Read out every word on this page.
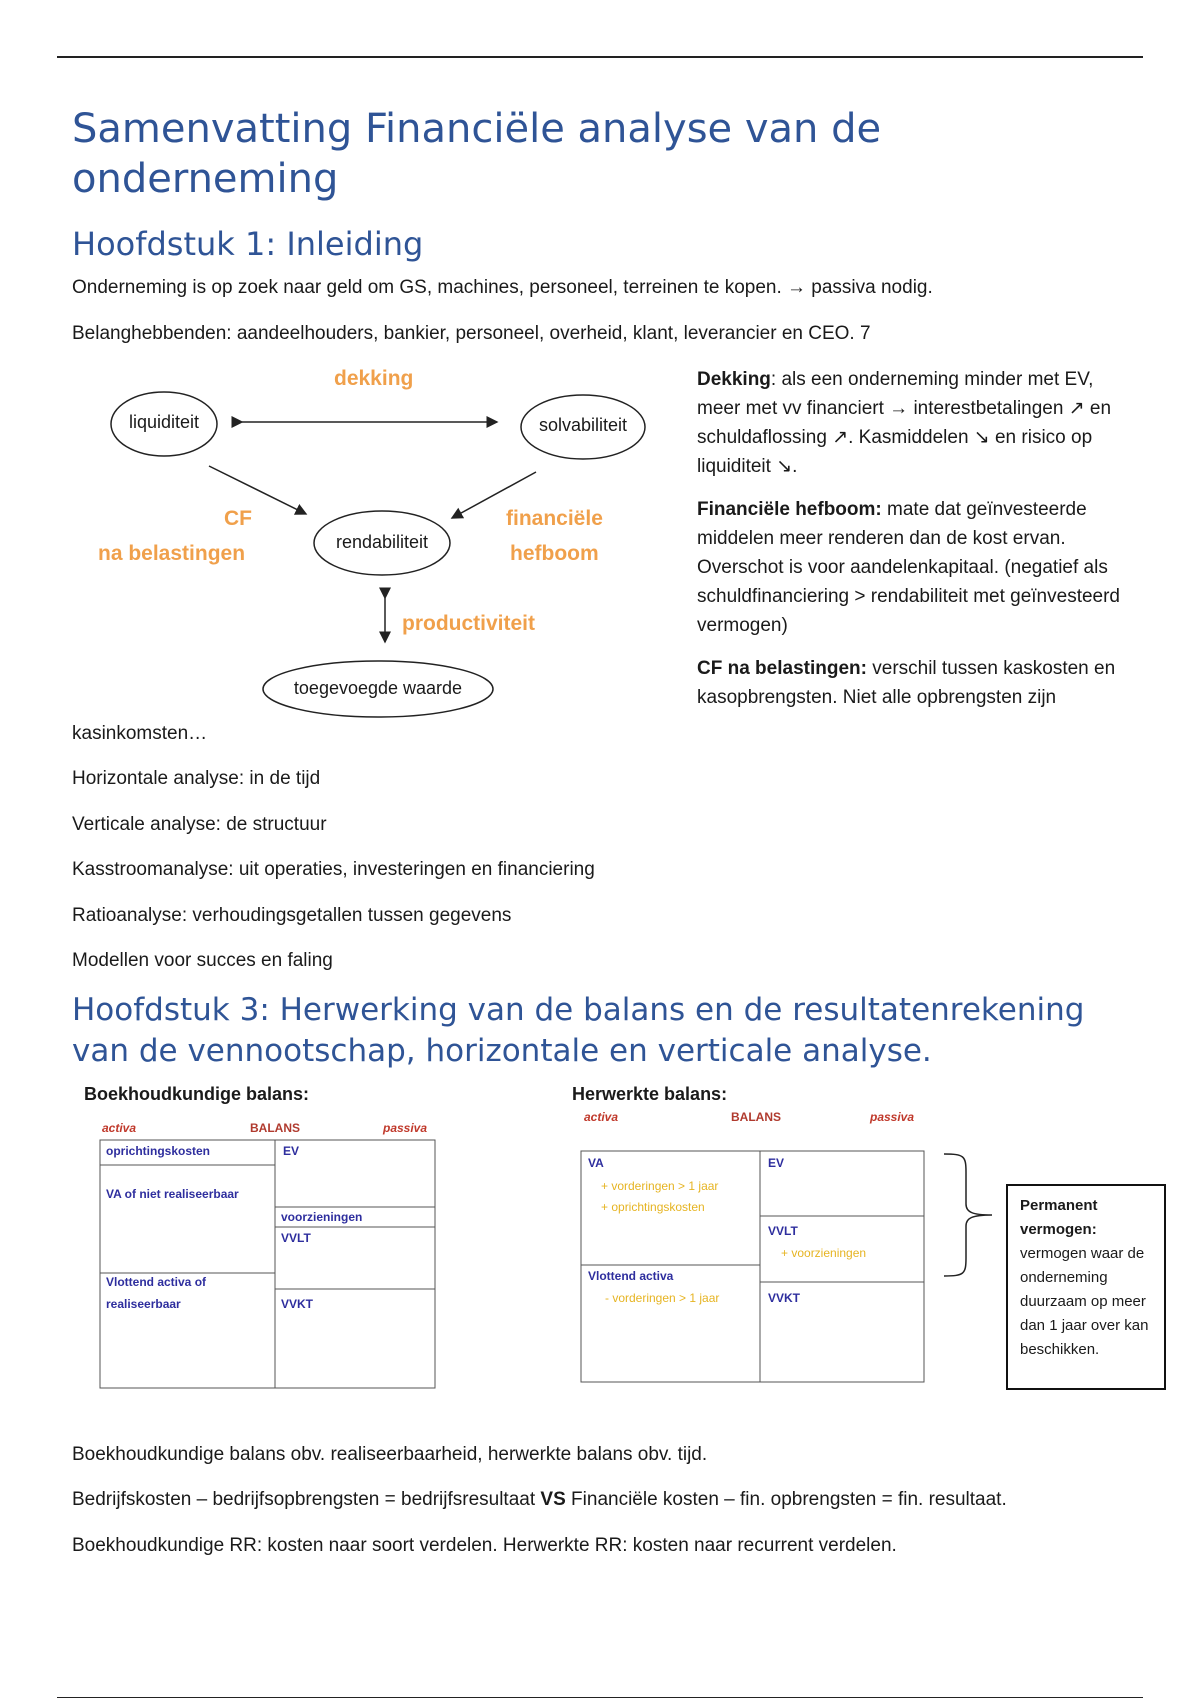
Samenvatting Financiële analyse van de onderneming
Hoofdstuk 1: Inleiding
Onderneming is op zoek naar geld om GS, machines, personeel, terreinen te kopen. → passiva nodig.
Belanghebbenden: aandeelhouders, bankier, personeel, overheid, klant, leverancier en CEO. 7
liquiditeit	solvabiliteit
rendabiliteit
toegevoegde waarde
dekking
CF
na belastingen
financiële
hefboom
productiviteit

Dekking: als een onderneming minder met EV, meer met vv financiert → interestbetalingen ↗ en schuldaflossing ↗. Kasmiddelen ↘ en risico op liquiditeit ↘.

Financiële hefboom: mate dat geïnvesteerde middelen meer renderen dan de kost ervan. Overschot is voor aandelenkapitaal. (negatief als schuldfinanciering > rendabiliteit met geïnvesteerd vermogen)

CF na belastingen: verschil tussen kaskosten en kasopbrengsten. Niet alle opbrengsten zijn

kasinkomsten…
Horizontale analyse: in de tijd
Verticale analyse: de structuur
Kasstroomanalyse: uit operaties, investeringen en financiering
Ratioanalyse: verhoudingsgetallen tussen gegevens
Modellen voor succes en faling
Hoofdstuk 3: Herwerking van de balans en de resultatenrekening
van de vennootschap, horizontale en verticale analyse.
Boekhoudkundige balans:
activa	BALANS	passiva
oprichtingskosten
VA of niet realiseerbaar
Vlottend activa of
realiseerbaar
EV
voorzieningen
VVLT
VVKT
Herwerkte balans:
activa	BALANS	passiva
VA
+ vorderingen > 1 jaar
+ oprichtingskosten
Vlottend activa
- vorderingen > 1 jaar
EV
VVLT
+ voorzieningen
VVKT
Permanent vermogen:
vermogen waar de onderneming duurzaam op meer dan 1 jaar over kan beschikken.
Boekhoudkundige balans obv. realiseerbaarheid, herwerkte balans obv. tijd.
Bedrijfskosten – bedrijfsopbrengsten = bedrijfsresultaat VS Financiële kosten – fin. opbrengsten = fin. resultaat.
Boekhoudkundige RR: kosten naar soort verdelen. Herwerkte RR: kosten naar recurrent verdelen.
